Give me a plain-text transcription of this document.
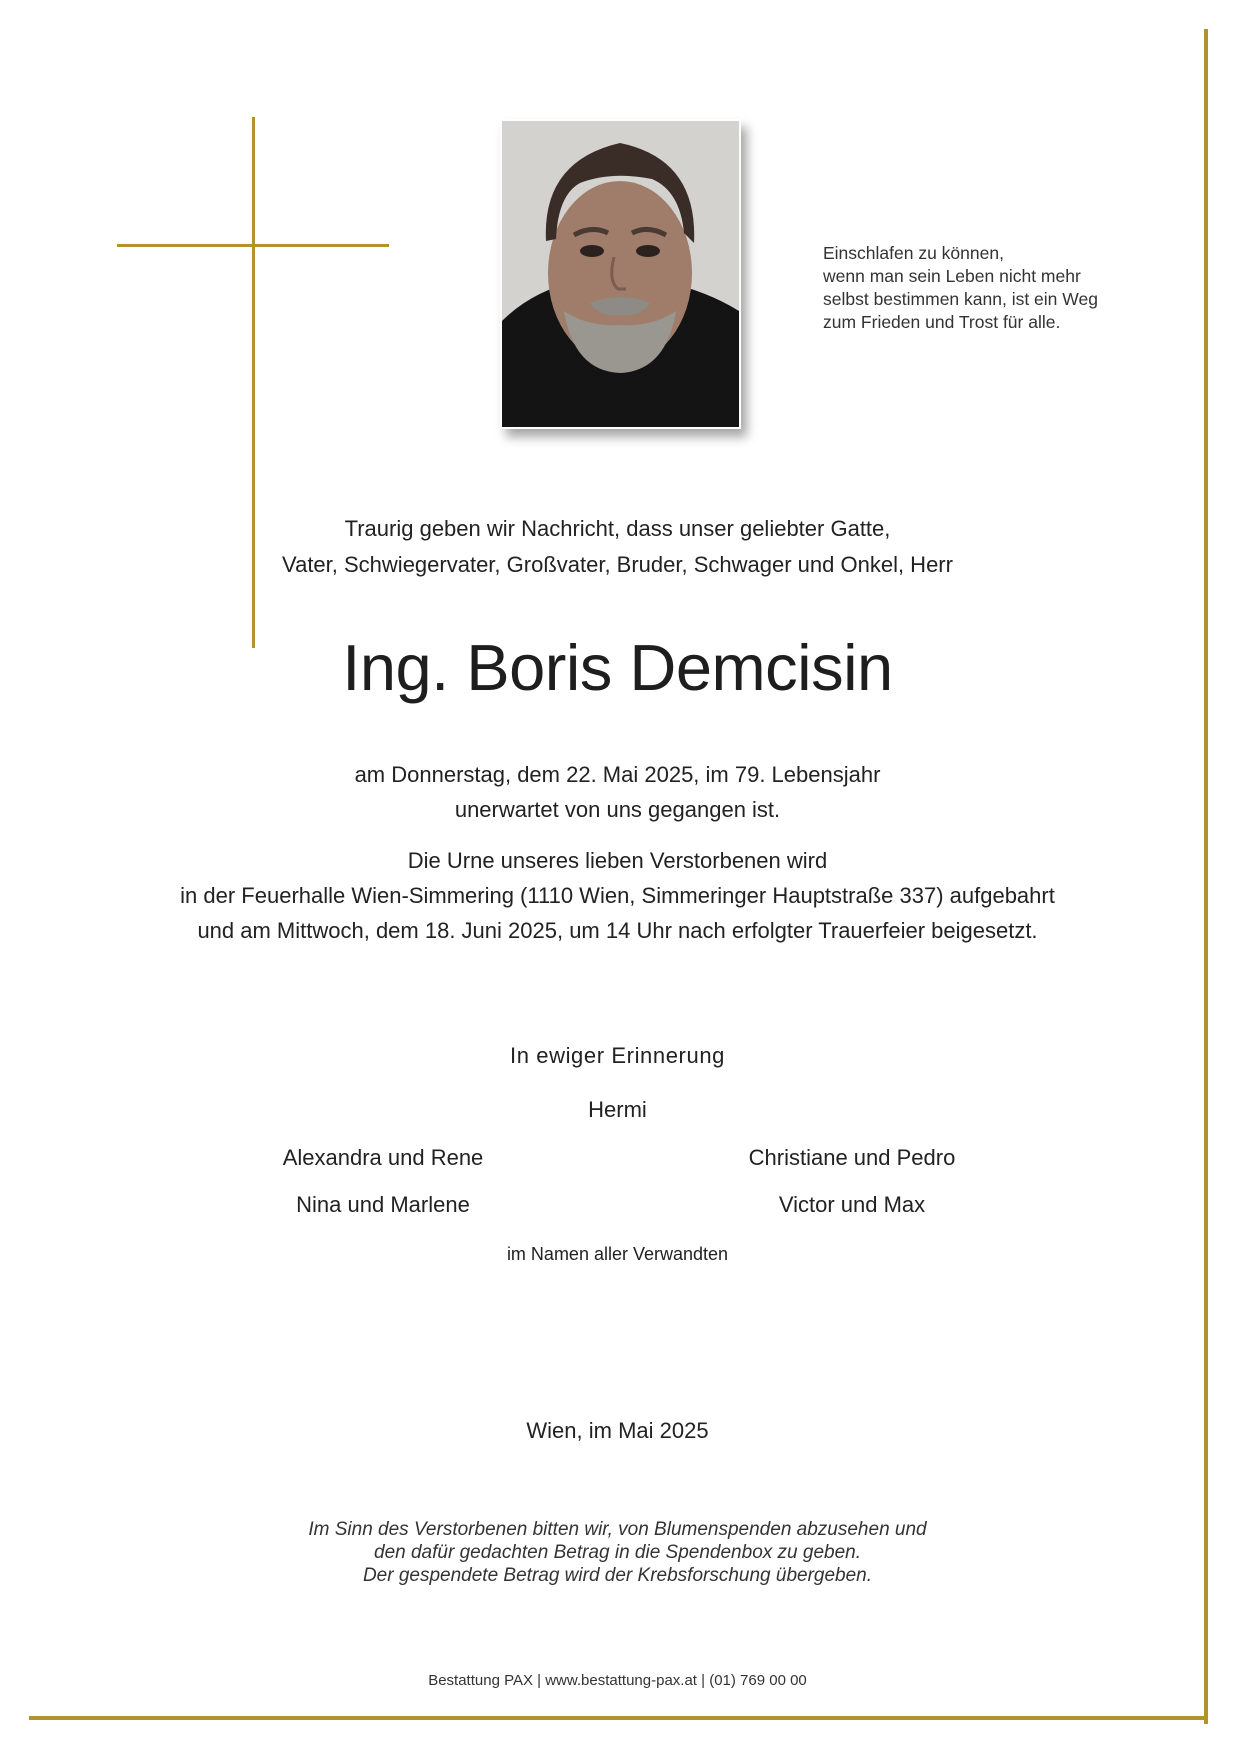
Einschlafen zu können,
wenn man sein Leben nicht mehr
selbst bestimmen kann, ist ein Weg
zum Frieden und Trost für alle.
Traurig geben wir Nachricht, dass unser geliebter Gatte,
Vater, Schwiegervater, Großvater, Bruder, Schwager und Onkel, Herr
Ing. Boris Demcisin
am Donnerstag, dem 22. Mai 2025, im 79. Lebensjahr
unerwartet von uns gegangen ist.
Die Urne unseres lieben Verstorbenen wird
in der Feuerhalle Wien-Simmering (1110 Wien, Simmeringer Hauptstraße 337) aufgebahrt
und am Mittwoch, dem 18. Juni 2025, um 14 Uhr nach erfolgter Trauerfeier beigesetzt.
In ewiger Erinnerung
Hermi
Alexandra und Rene	Christiane und Pedro
Nina und Marlene	Victor und Max
im Namen aller Verwandten
Wien, im Mai 2025
Im Sinn des Verstorbenen bitten wir, von Blumenspenden abzusehen und
den dafür gedachten Betrag in die Spendenbox zu geben.
Der gespendete Betrag wird der Krebsforschung übergeben.
Bestattung PAX | www.bestattung-pax.at | (01) 769 00 00
